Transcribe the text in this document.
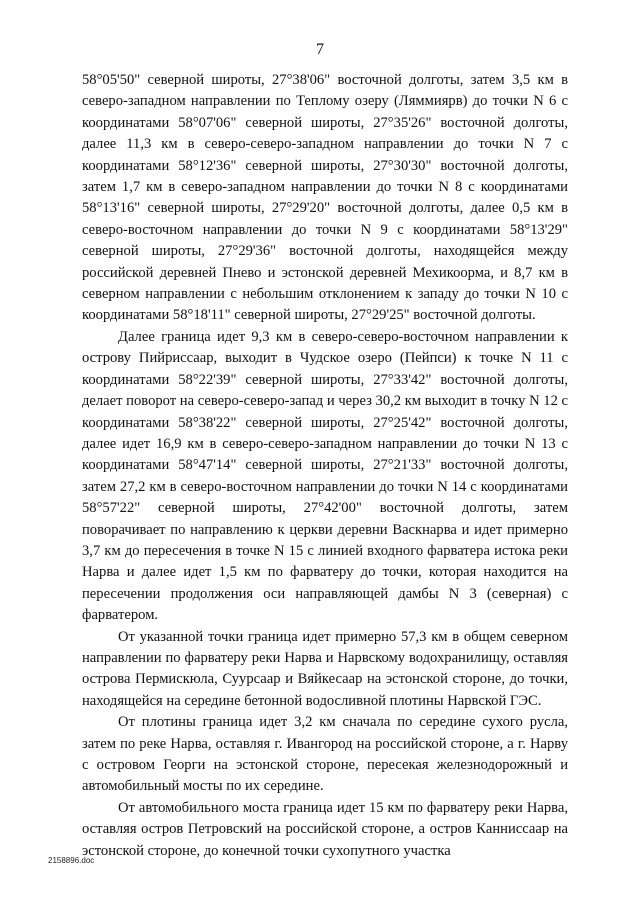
7

58°05'50" северной широты, 27°38'06" восточной долготы, затем 3,5 км в северо-западном направлении по Теплому озеру (Ляммиярв) до точки N 6 с координатами 58°07'06" северной широты, 27°35'26" восточной долготы, далее 11,3 км в северо-северо-западном направлении до точки N 7 с координатами 58°12'36" северной широты, 27°30'30" восточной долготы, затем 1,7 км в северо-западном направлении до точки N 8 с координатами 58°13'16" северной широты, 27°29'20" восточной долготы, далее 0,5 км в северо-восточном направлении до точки N 9 с координатами 58°13'29" северной широты, 27°29'36" восточной долготы, находящейся между российской деревней Пнево и эстонской деревней Мехикоорма, и 8,7 км в северном направлении с небольшим отклонением к западу до точки N 10 с координатами 58°18'11" северной широты, 27°29'25" восточной долготы.

Далее граница идет 9,3 км в северо-северо-восточном направлении к острову Пийриссаар, выходит в Чудское озеро (Пейпси) к точке N 11 с координатами 58°22'39" северной широты, 27°33'42" восточной долготы, делает поворот на северо-северо-запад и через 30,2 км выходит в точку N 12 с координатами 58°38'22" северной широты, 27°25'42" восточной долготы, далее идет 16,9 км в северо-северо-западном направлении до точки N 13 с координатами 58°47'14" северной широты, 27°21'33" восточной долготы, затем 27,2 км в северо-восточном направлении до точки N 14 с координатами 58°57'22" северной широты, 27°42'00" восточной долготы, затем поворачивает по направлению к церкви деревни Васкнарва и идет примерно 3,7 км до пересечения в точке N 15 с линией входного фарватера истока реки Нарва и далее идет 1,5 км по фарватеру до точки, которая находится на пересечении продолжения оси направляющей дамбы N 3 (северная) с фарватером.

От указанной точки граница идет примерно 57,3 км в общем северном направлении по фарватеру реки Нарва и Нарвскому водохранилищу, оставляя острова Пермискюла, Суурсаар и Вяйкесаар на эстонской стороне, до точки, находящейся на середине бетонной водосливной плотины Нарвской ГЭС.

От плотины граница идет 3,2 км сначала по середине сухого русла, затем по реке Нарва, оставляя г. Ивангород на российской стороне, а г. Нарву с островом Георги на эстонской стороне, пересекая железнодорожный и автомобильный мосты по их середине.

От автомобильного моста граница идет 15 км по фарватеру реки Нарва, оставляя остров Петровский на российской стороне, а остров Канниссаар на эстонской стороне, до конечной точки сухопутного участка

2158896.doc
